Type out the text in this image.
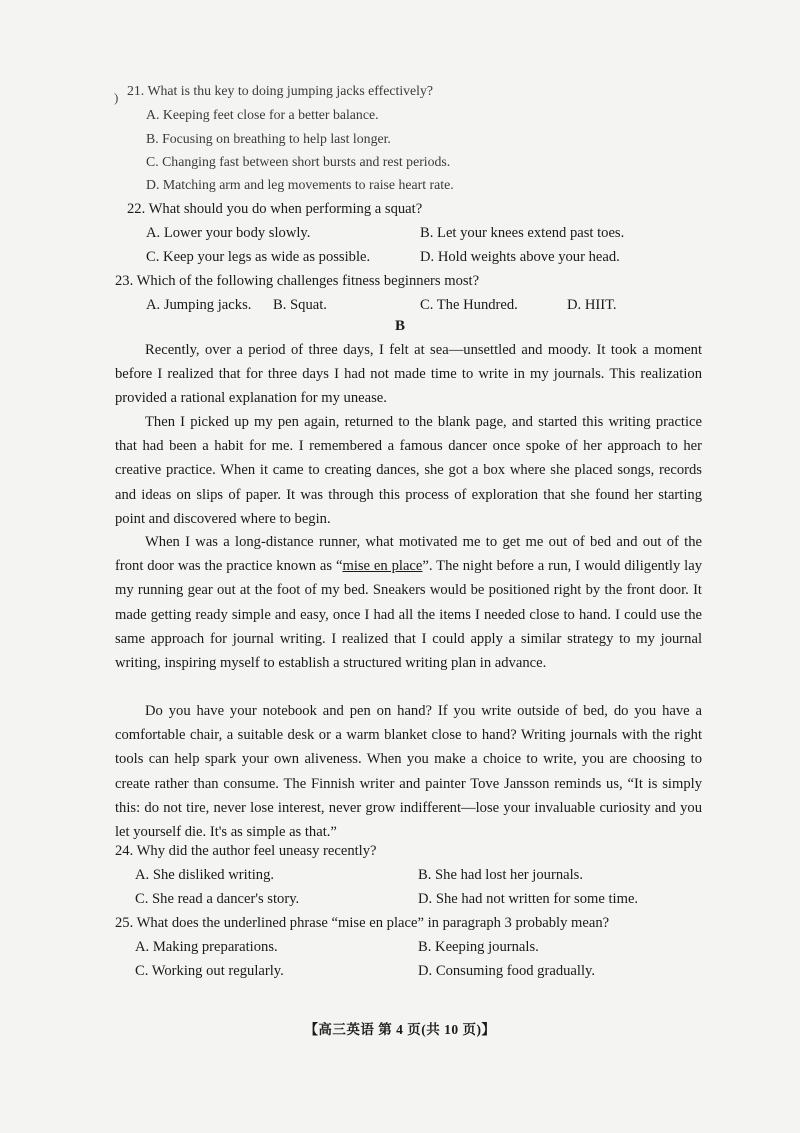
) 21. What is thu key to doing jumping jacks effectively?
A. Keeping feet close for a better balance.
B. Focusing on breathing to help last longer.
C. Changing fast between short bursts and rest periods.
D. Matching arm and leg movements to raise heart rate.
22. What should you do when performing a squat?
A. Lower your body slowly.	B. Let your knees extend past toes.
C. Keep your legs as wide as possible.	D. Hold weights above your head.
23. Which of the following challenges fitness beginners most?
A. Jumping jacks. B. Squat.	C. The Hundred.	D. HIIT.
B
Recently, over a period of three days, I felt at sea—unsettled and moody. It took a moment before I realized that for three days I had not made time to write in my journals. This realization provided a rational explanation for my unease.
Then I picked up my pen again, returned to the blank page, and started this writing practice that had been a habit for me. I remembered a famous dancer once spoke of her approach to her creative practice. When it came to creating dances, she got a box where she placed songs, records and ideas on slips of paper. It was through this process of exploration that she found her starting point and discovered where to begin.
When I was a long-distance runner, what motivated me to get me out of bed and out of the front door was the practice known as “mise en place”. The night before a run, I would diligently lay my running gear out at the foot of my bed. Sneakers would be positioned right by the front door. It made getting ready simple and easy, once I had all the items I needed close to hand. I could use the same approach for journal writing. I realized that I could apply a similar strategy to my journal writing, inspiring myself to establish a structured writing plan in advance.
Do you have your notebook and pen on hand? If you write outside of bed, do you have a comfortable chair, a suitable desk or a warm blanket close to hand? Writing journals with the right tools can help spark your own aliveness. When you make a choice to write, you are choosing to create rather than consume. The Finnish writer and painter Tove Jansson reminds us, “It is simply this: do not tire, never lose interest, never grow indifferent—lose your invaluable curiosity and you let yourself die. It's as simple as that.”
24. Why did the author feel uneasy recently?
A. She disliked writing.	B. She had lost her journals.
C. She read a dancer's story.	D. She had not written for some time.
25. What does the underlined phrase “mise en place” in paragraph 3 probably mean?
A. Making preparations.	B. Keeping journals.
C. Working out regularly.	D. Consuming food gradually.
【高三英语 第 4 页(共 10 页)】
